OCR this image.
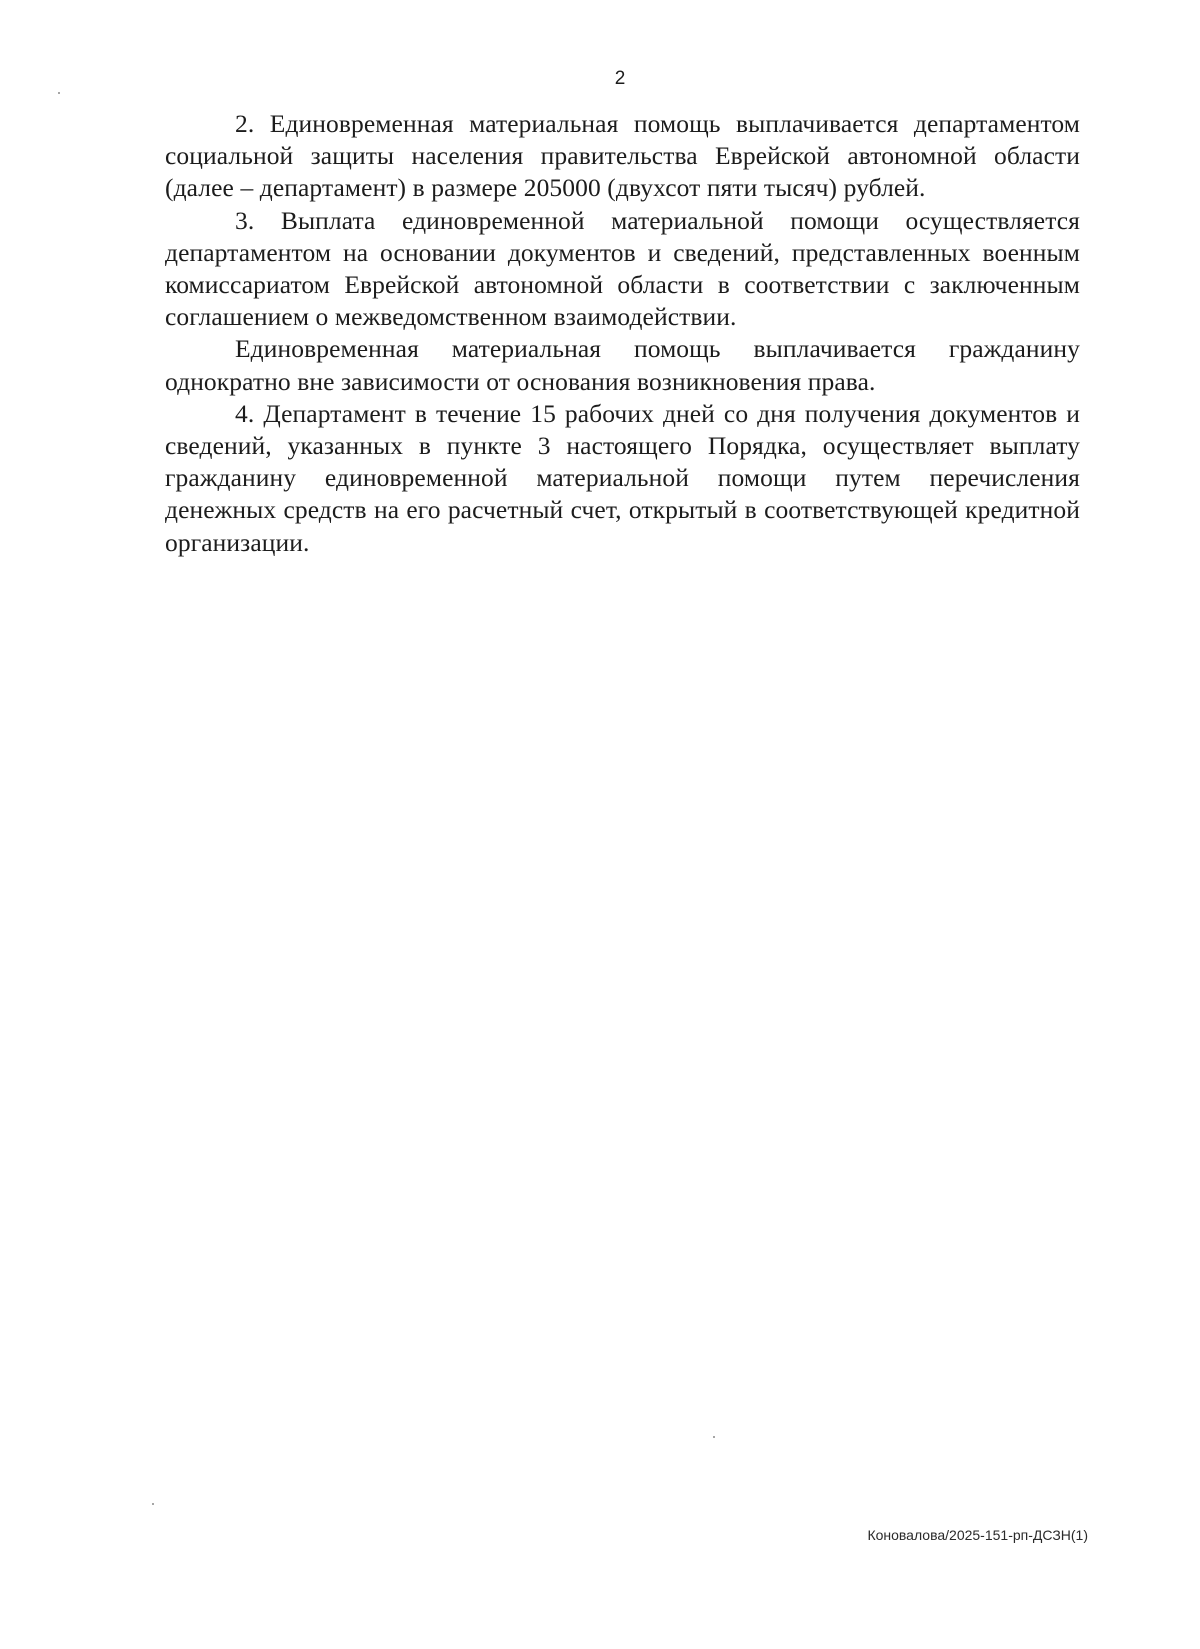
2

2. Единовременная материальная помощь выплачивается департаментом социальной защиты населения правительства Еврейской автономной области (далее – департамент) в размере 205000 (двухсот пяти тысяч) рублей.

3. Выплата единовременной материальной помощи осуществляется департаментом на основании документов и сведений, представленных военным комиссариатом Еврейской автономной области в соответствии с заключенным соглашением о межведомственном взаимодействии.

Единовременная материальная помощь выплачивается гражданину однократно вне зависимости от основания возникновения права.

4. Департамент в течение 15 рабочих дней со дня получения документов и сведений, указанных в пункте 3 настоящего Порядка, осуществляет выплату гражданину единовременной материальной помощи путем перечисления денежных средств на его расчетный счет, открытый в соответствующей кредитной организации.

Коновалова/2025-151-рп-ДСЗН(1)
